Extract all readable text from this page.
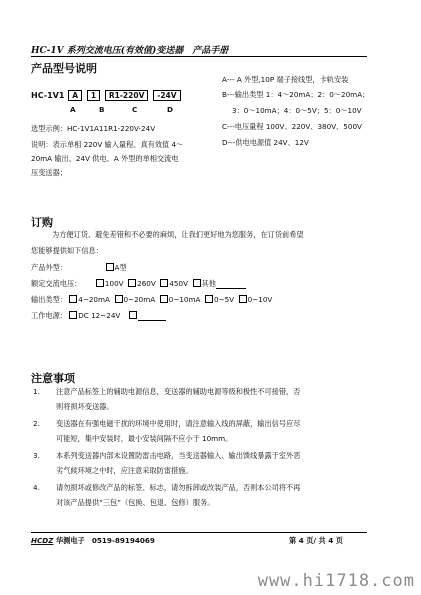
HC-1V 系列交流电压(有效值)变送器　产品手册
产品型号说明
HC-1V1 A 1 R1-220V -24V
A	B	C	D
A--- A 外型,10P 端子接线型，卡轨安装
B---输出类型 1：4～20mA；2：0～20mA；
3：0～10mA；4：0～5V；5：0～10V
C---电压量程 100V、220V、380V、500V
D---供电电源值 24V、12V
选型示例：HC-1V1A11R1-220V-24V
说明：表示单相 220V 输入量程、真有效值 4～
20mA 输出、24V 供电、A 外型的单相交流电
压变送器；
订购
为方便订货、避免差错和不必要的麻烦，让我们更好地为您服务，在订货前希望
您能够提供如下信息：
产品外型：	A型
额定交流电压：	100V 260V 450V 其他
输出类型： 4~20mA 0~20mA 0~10mA 0~5V 0~10V
工作电源： DC 12~24V
注意事项
1. 注意产品标签上的辅助电源信息，变送器的辅助电源等级和极性不可接错，否
则将损坏变送器。
2. 变送器在有强电磁干扰的环境中使用时，请注意输入线的屏蔽，输出信号应尽
可能短，集中安装时，最小安装间隔不应小于 10mm。
3. 本系列变送器内部未设置防雷击电路，当变送器输入、输出馈线暴露于室外恶
劣气候环境之中时，应注意采取防雷措施。
4. 请勿损坏或修改产品的标签、标志，请勿拆卸或改装产品，否则本公司将不再
对该产品提供“三包”（包换、包退、包修）服务。
HCDZ 华测电子　0519-89194069	第 4 页/ 共 4 页
www.hi1718.com
